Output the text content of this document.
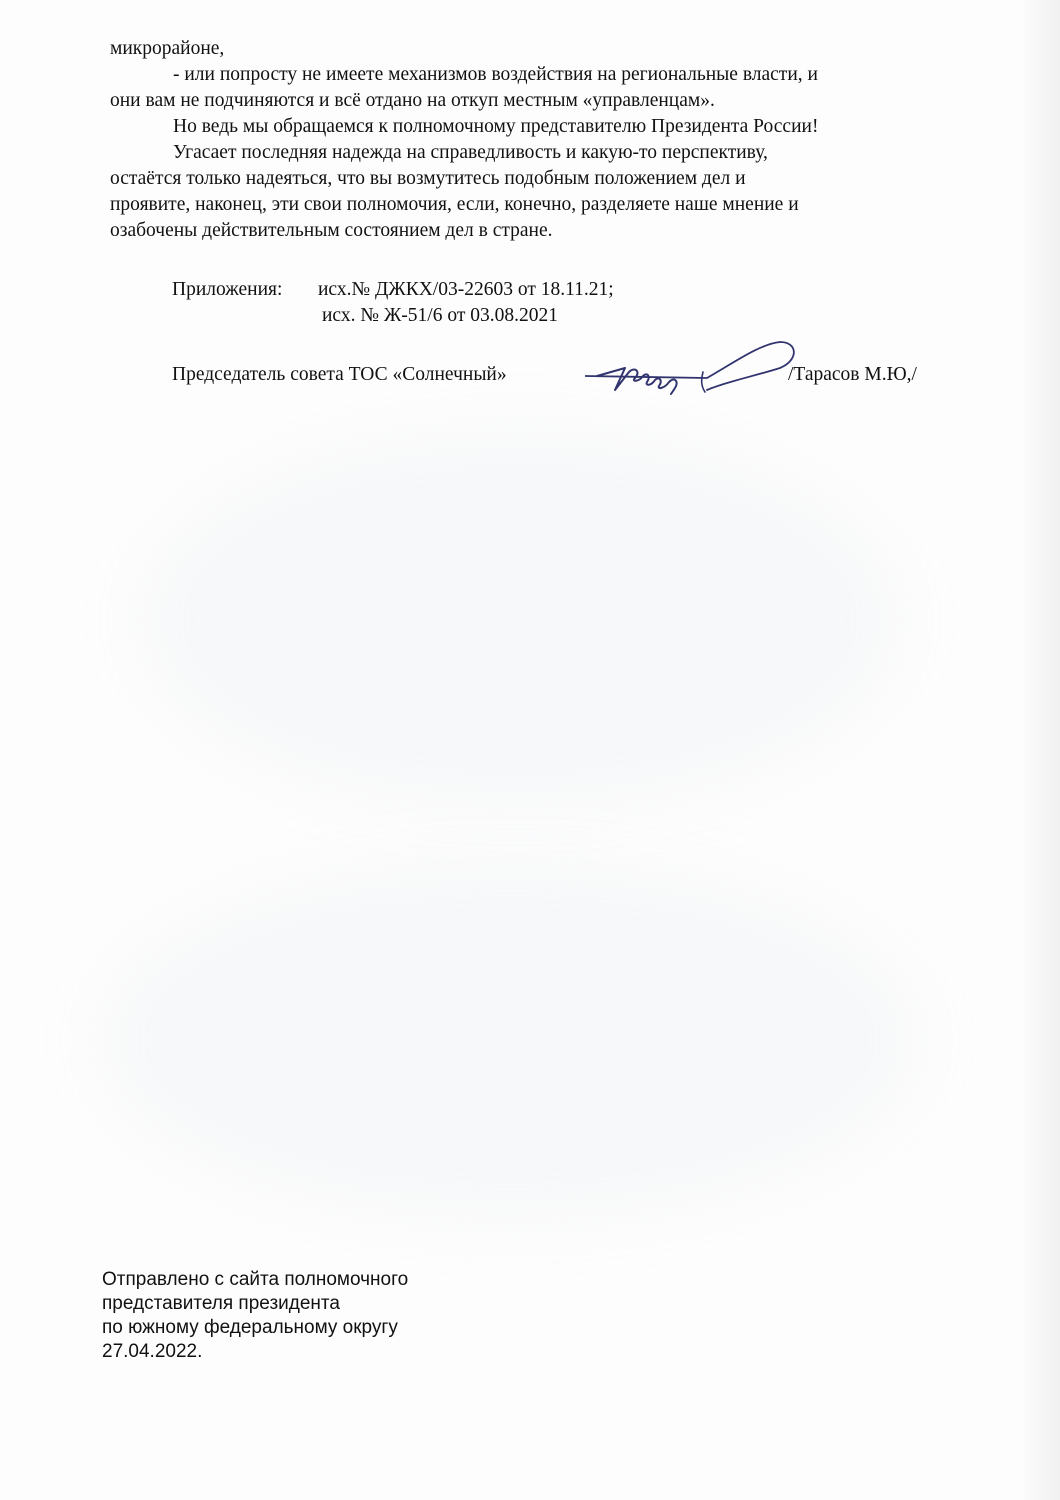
микрорайоне,
- или попросту не имеете механизмов воздействия на региональные власти, и
они вам не подчиняются и всё отдано на откуп местным «управленцам».
Но ведь мы обращаемся к полномочному представителю Президента России!
Угасает последняя надежда на справедливость и какую-то перспективу,
остаётся только надеяться, что вы возмутитесь подобным положением дел и
проявите, наконец, эти свои полномочия, если, конечно, разделяете наше мнение и
озабочены действительным состоянием дел в стране.
Приложения: исх.№ ДЖКХ/03-22603 от 18.11.21;
исх. № Ж-51/6 от 03.08.2021
Председатель совета ТОС «Солнечный»	/Тарасов М.Ю,/
Отправлено с сайта полномочного
представителя президента
по южному федеральному округу
27.04.2022.
